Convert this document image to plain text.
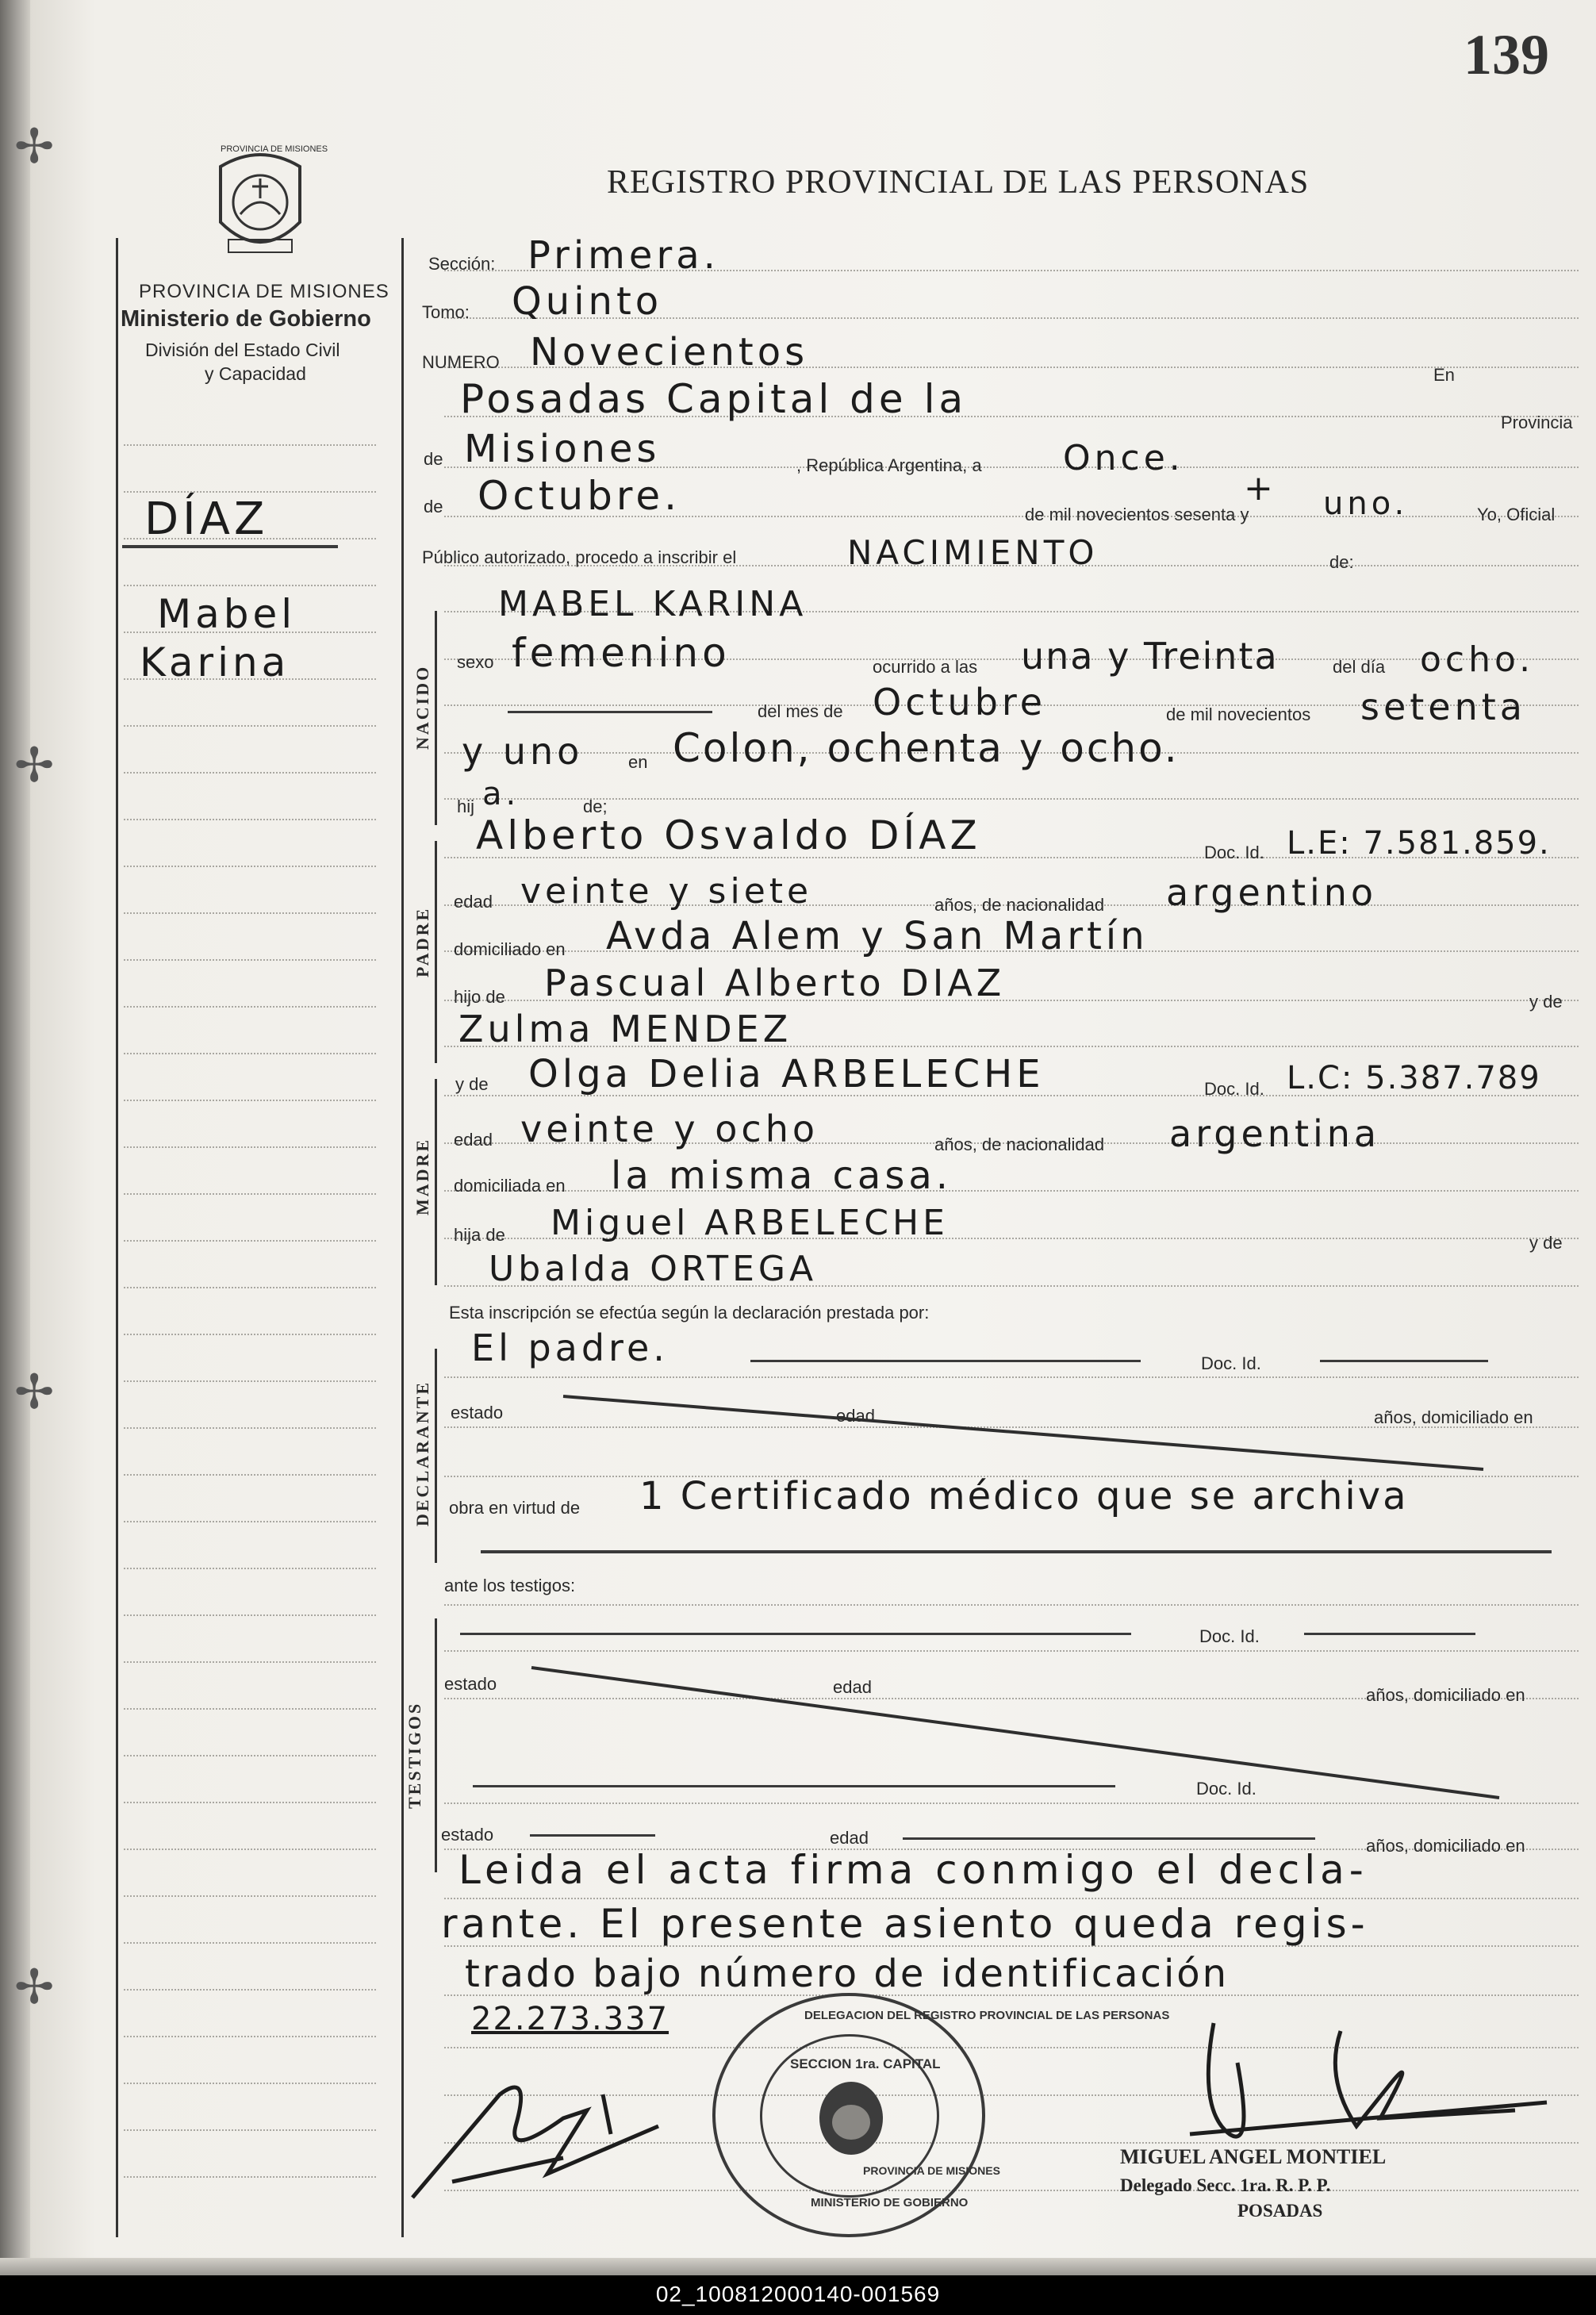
✢
✢
✢
✢
139
PROVINCIA DE MISIONES
REGISTRO PROVINCIAL DE LAS PERSONAS
PROVINCIA DE MISIONES
Ministerio de Gobierno
División del Estado Civil
y Capacidad
DÍAZ
Mabel
Karina
NACIDO
PADRE
MADRE
DECLARANTE
TESTIGOS
Sección: Primera.
Tomo: Quinto
NUMERO Novecientos
En
Posadas Capital de la
Provincia
de Misiones	, República Argentina, a Once.
de Octubre.	de mil novecientos sesenta y
+ uno.	Yo, Oficial
Público autorizado, procedo a inscribir el	NACIMIENTO	de:
MABEL KARINA
sexo femenino	ocurrido a las una y Treinta	del día ocho.
del mes de Octubre	de mil novecientos setenta
y uno	en Colon, ochenta y ocho.
hij a.	de;
Alberto Osvaldo DÍAZ	Doc. Id. L.E: 7.581.859.
edad veinte y siete	años, de nacionalidad argentino
domiciliado en Avda Alem y San Martín
hijo de Pascual Alberto DIAZ	y de
Zulma MENDEZ
y de Olga Delia ARBELECHE	Doc. Id. L.C: 5.387.789
edad veinte y ocho	años, de nacionalidad argentina
domiciliada en la misma casa.
hija de Miguel ARBELECHE	y de
Ubalda ORTEGA
Esta inscripción se efectúa según la declaración prestada por:
El padre.	Doc. Id.
estado	edad	años, domiciliado en
obra en virtud de 1 Certificado médico que se archiva
ante los testigos:
Doc. Id.
estado	edad	años, domiciliado en
Doc. Id.
estado	edad	años, domiciliado en
Leida el acta firma conmigo el decla-
rante. El presente asiento queda regis-
trado bajo número de identificación
22.273.337	DELEGACION DEL REGISTRO PROVINCIAL DE LAS PERSONAS
SECCION 1ra. CAPITAL
MINISTERIO DE GOBIERNO
PROVINCIA DE MISIONES
MIGUEL ANGEL MONTIEL
Delegado Secc. 1ra. R. P. P.
POSADAS
02_100812000140-001569
